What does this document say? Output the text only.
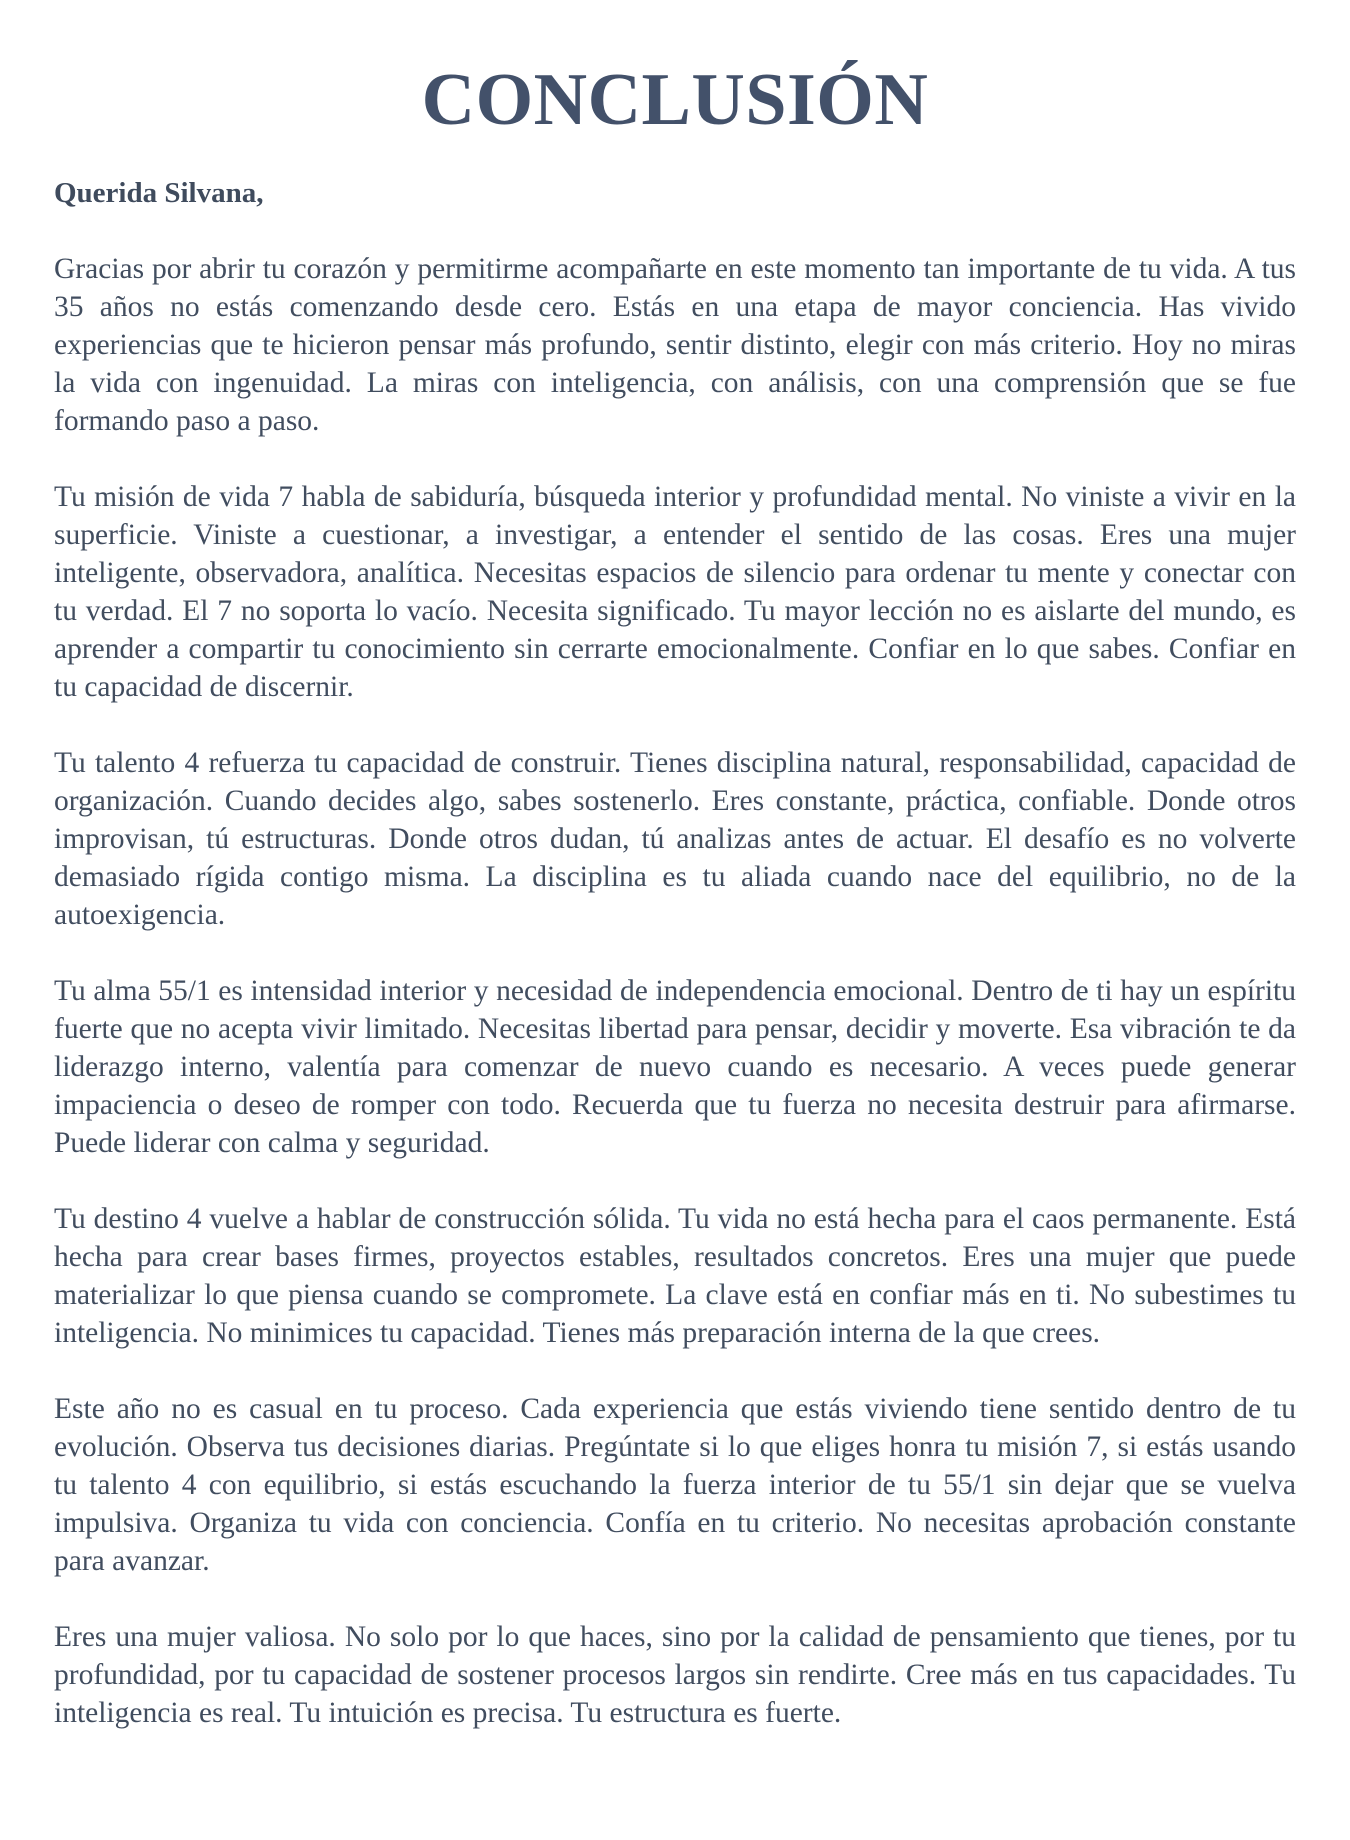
CONCLUSIÓN

Querida Silvana,

Gracias por abrir tu corazón y permitirme acompañarte en este momento tan importante de tu vida. A tus 35 años no estás comenzando desde cero. Estás en una etapa de mayor conciencia. Has vivido experiencias que te hicieron pensar más profundo, sentir distinto, elegir con más criterio. Hoy no miras la vida con ingenuidad. La miras con inteligencia, con análisis, con una comprensión que se fue formando paso a paso.

Tu misión de vida 7 habla de sabiduría, búsqueda interior y profundidad mental. No viniste a vivir en la superficie. Viniste a cuestionar, a investigar, a entender el sentido de las cosas. Eres una mujer inteligente, observadora, analítica. Necesitas espacios de silencio para ordenar tu mente y conectar con tu verdad. El 7 no soporta lo vacío. Necesita significado. Tu mayor lección no es aislarte del mundo, es aprender a compartir tu conocimiento sin cerrarte emocionalmente. Confiar en lo que sabes. Confiar en tu capacidad de discernir.

Tu talento 4 refuerza tu capacidad de construir. Tienes disciplina natural, responsabilidad, capacidad de organización. Cuando decides algo, sabes sostenerlo. Eres constante, práctica, confiable. Donde otros improvisan, tú estructuras. Donde otros dudan, tú analizas antes de actuar. El desafío es no volverte demasiado rígida contigo misma. La disciplina es tu aliada cuando nace del equilibrio, no de la autoexigencia.

Tu alma 55/1 es intensidad interior y necesidad de independencia emocional. Dentro de ti hay un espíritu fuerte que no acepta vivir limitado. Necesitas libertad para pensar, decidir y moverte. Esa vibración te da liderazgo interno, valentía para comenzar de nuevo cuando es necesario. A veces puede generar impaciencia o deseo de romper con todo. Recuerda que tu fuerza no necesita destruir para afirmarse. Puede liderar con calma y seguridad.

Tu destino 4 vuelve a hablar de construcción sólida. Tu vida no está hecha para el caos permanente. Está hecha para crear bases firmes, proyectos estables, resultados concretos. Eres una mujer que puede materializar lo que piensa cuando se compromete. La clave está en confiar más en ti. No subestimes tu inteligencia. No minimices tu capacidad. Tienes más preparación interna de la que crees.

Este año no es casual en tu proceso. Cada experiencia que estás viviendo tiene sentido dentro de tu evolución. Observa tus decisiones diarias. Pregúntate si lo que eliges honra tu misión 7, si estás usando tu talento 4 con equilibrio, si estás escuchando la fuerza interior de tu 55/1 sin dejar que se vuelva impulsiva. Organiza tu vida con conciencia. Confía en tu criterio. No necesitas aprobación constante para avanzar.

Eres una mujer valiosa. No solo por lo que haces, sino por la calidad de pensamiento que tienes, por tu profundidad, por tu capacidad de sostener procesos largos sin rendirte. Cree más en tus capacidades. Tu inteligencia es real. Tu intuición es precisa. Tu estructura es fuerte.
